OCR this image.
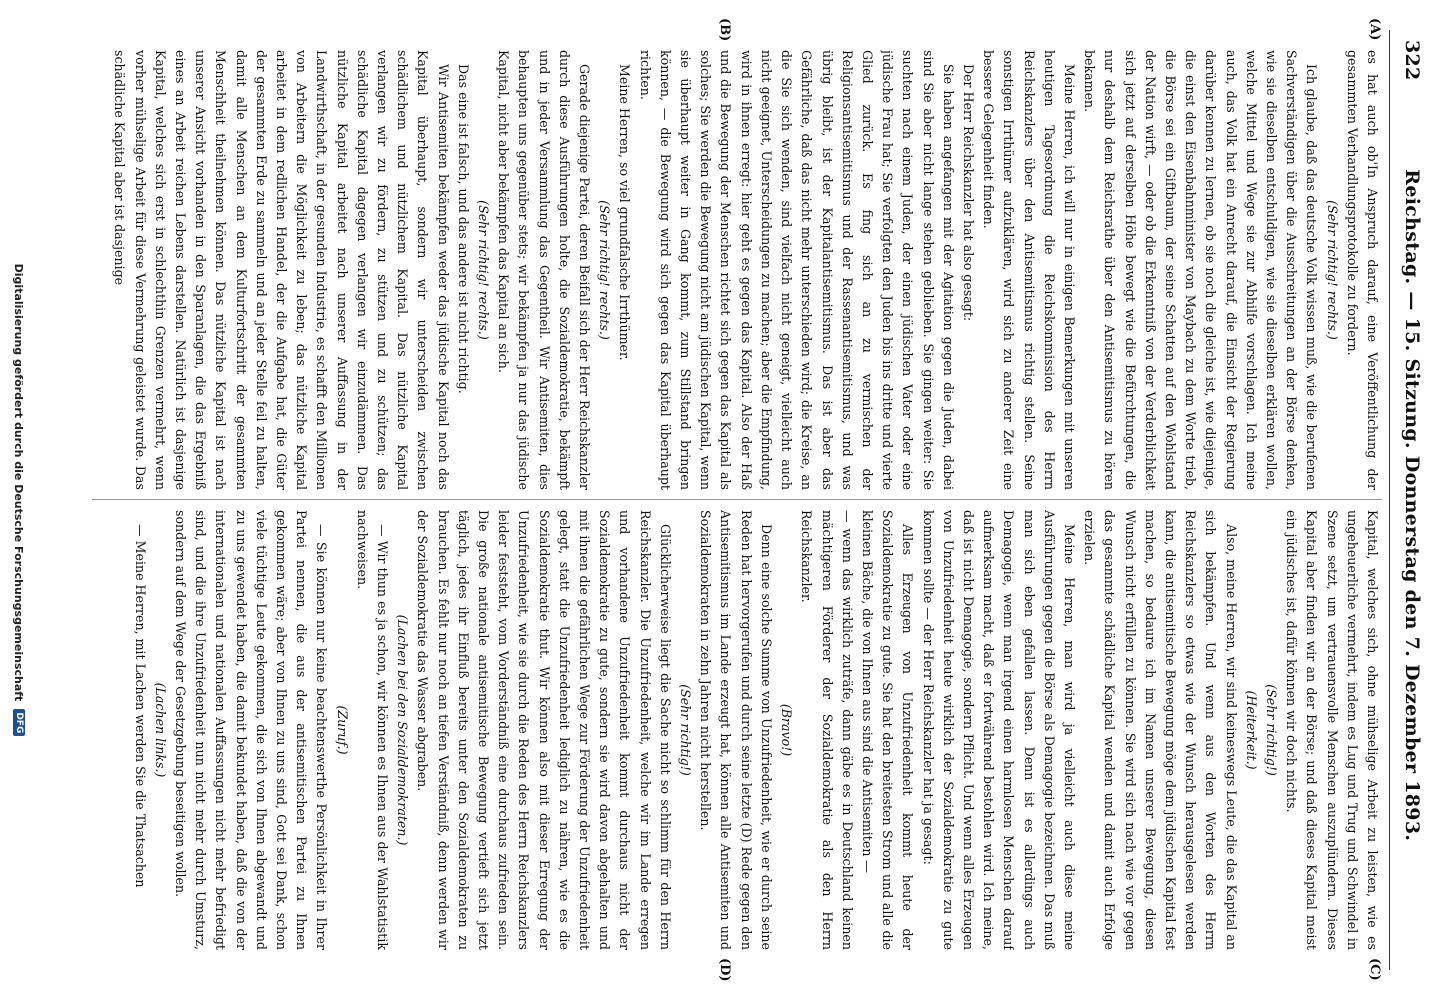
322
Reichstag. — 15. Sitzung. Donnerstag den 7. Dezember 1893.
(A)
(B)
(C)
(D)

es hat auch ob'In Anspruch darauf, eine Veröffentlichung der gesammten Verhandlungsprotokolle zu fordern.

(Sehr richtig! rechts.)

Ich glaube, daß das deutsche Volk wissen muß, wie die berufenen Sachverständigen über die Ausschreitungen an der Börse denken, wie sie dieselben entschuldigen, wie sie dieselben erklären wollen, welche Mittel und Wege sie zur Abhilfe vorschlagen. Ich meine auch, das Volk hat ein Anrecht darauf, die Einsicht der Regierung darüber kennen zu lernen, ob sie noch die gleiche ist, wie diejenige, die einst den Eisenbahnminister von Maybach zu dem Worte trieb, die Börse sei ein Giftbaum, der seine Schatten auf den Wohlstand der Nation wirft, — oder ob die Erkenntniß von der Verderblichkeit sich jetzt auf derselben Höhe bewegt wie die Befürchtungen, die nur deshalb dem Reichsrathe über den Antisemitismus zu hören bekamen.

Meine Herren, ich will nur in einigen Bemerkungen mit unseren heutigen Tagesordnung die Reichskommission des Herrn Reichskanzlers über den Antisemitismus richtig stellen. Seine sonstigen Irrthümer aufzuklären, wird sich zu anderer Zeit eine bessere Gelegenheit finden.

Der Herr Reichskanzler hat also gesagt:

Sie haben angefangen mit der Agitation gegen die Juden, dabei sind Sie aber nicht lange stehen geblieben. Sie gingen weiter: Sie suchten nach einem Juden, der einen jüdischen Vater oder eine jüdische Frau hat; Sie verfolgten den Juden bis ins dritte und vierte Glied zurück. Es fing sich an zu vermischen der Religionsantisemitismus und der Rassenantisemitismus, und was übrig bleibt, ist der Kapitalantisemitismus. Das ist aber das Gefährliche, daß das nicht mehr unterschieden wird; die Kreise, an die Sie sich wenden, sind vielfach nicht geneigt, vielleicht auch nicht geeignet, Unterscheidungen zu machen; aber die Empfindung, wird in ihnen erregt: hier geht es gegen das Kapital. Also der Haß und die Bewegung der Menschen richtet sich gegen das Kapital als solches; Sie werden die Bewegung nicht am jüdischen Kapital, wenn sie überhaupt weiter in Gang kommt, zum Stillstand bringen können, — die Bewegung wird sich gegen das Kapital überhaupt richten.

Meine Herren, so viel grundfalsche Irrthümer.

(Sehr richtig! rechts.)

Gerade diejenige Partei, deren Beifall sich der Herr Reichskanzler durch diese Ausführungen holte, die Sozialdemokratie, bekämpft und in jeder Versammlung das Gegentheil. Wir Antisemiten, dies behaupten uns gegenüber stets; wir bekämpfen ja nur das jüdische Kapital, nicht aber bekämpfen das Kapital an sich.

(Sehr richtig! rechts.)

Das eine ist falsch, und das andere ist nicht richtig.

Wir Antisemiten bekämpfen weder das jüdische Kapital noch das Kapital überhaupt, sondern wir unterscheiden zwischen schädlichem und nützlichem Kapital. Das nützliche Kapital verlangen wir zu fördern, zu stützen und zu schützen; das schädliche Kapital dagegen verlangen wir einzudämmen. Das nützliche Kapital arbeitet nach unserer Auffassung in der Landwirthschaft, in der gesunden Industrie, es schafft den Millionen von Arbeitern die Möglichkeit zu leben; das nützliche Kapital arbeitet in dem redlichen Handel, der die Aufgabe hat, die Güter der gesammten Erde zu sammeln und an jeder Stelle feil zu halten, damit alle Menschen an dem Kulturfortschritt der gesammten Menschheit theilnehmen können. Das nützliche Kapital ist nach unserer Ansicht vorhanden in den Sparanlagen, die das Ergebniß eines an Arbeit reichen Lebens darstellen. Natürlich ist dasjenige Kapital, welches sich erst in schlechthin Grenzen vermehrt, wenn vorher mühselige Arbeit für diese Vermehrung geleistet wurde. Das schädliche Kapital aber ist dasjenige

Kapital, welches sich, ohne mühselige Arbeit zu leisten, wie es ungeheuerliche vermehrt, indem es Lug und Trug und Schwindel in Szene setzt, um vertrauensvolle Menschen auszuplündern. Dieses Kapital aber finden wir an der Börse; und daß dieses Kapital meist ein jüdisches ist, dafür können wir doch nichts.

(Sehr richtig!)

(Heiterkeit.)

Also, meine Herren, wir sind keineswegs Leute, die das Kapital an sich bekämpfen. Und wenn aus den Worten des Herrn Reichskanzlers so etwas wie der Wunsch herausgelesen werden kann, die antisemitische Bewegung möge dem jüdischen Kapital fest machen, so bedaure ich im Namen unserer Bewegung, diesen Wunsch nicht erfüllen zu können. Sie wird sich nach wie vor gegen das gesammte schädliche Kapital wenden und damit auch Erfolge erzielen.

Meine Herren, man wird ja vielleicht auch diese meine Ausführungen gegen die Börse als Demagogie bezeichnen. Das muß man sich eben gefallen lassen. Denn ist es allerdings auch Demagogie, wenn man irgend einen harmlosen Menschen darauf aufmerksam macht, daß er fortwährend bestohlen wird. Ich meine, daß ist nicht Demagogie, sondern Pflicht. Und wenn alles Erzeugen von Unzufriedenheit heute wirklich der Sozialdemokratie zu gute kommen sollte — der Herr Reichskanzler hat ja gesagt:

Alles Erzeugen von Unzufriedenheit kommt heute der Sozialdemokratie zu gute. Sie hat den breitesten Strom und alle die kleinen Bäche, die von Ihnen aus sind die Antisemiten —

— wenn das wirklich zuträfe, dann gäbe es in Deutschland keinen mächtigeren Förderer der Sozialdemokratie als den Herrn Reichskanzler.

(Bravo!)

Denn eine solche Summe von Unzufriedenheit, wie er durch seine Reden hat hervorgerufen und durch seine letzte (D) Rede gegen den Antisemitismus im Lande erzeugt hat, können alle Antisemiten und Sozialdemokraten in zehn Jahren nicht herstellen.

(Sehr richtig!)

Glücklicherweise liegt die Sache nicht so schlimm für den Herrn Reichskanzler. Die Unzufriedenheit, welche wir im Lande erregen und vorhandene Unzufriedenheit kommt durchaus nicht der Sozialdemokratie zu gute, sondern sie wird davon abgehalten und mit ihnen die gefährlichen Wege zur Förderung der Unzufriedenheit gelegt, statt die Unzufriedenheit lediglich zu nähren, wie es die Sozialdemokratie thut. Wir können also mit dieser Erregung der Unzufriedenheit, wie sie durch die Reden des Herrn Reichskanzlers leider feststeht, vom Vorderständniß eine durchaus zufrieden sein. Die große nationale antisemitische Bewegung vertieft sich jetzt täglich, jedes ihr Einfluß bereits unter den Sozialdemokraten zu brauchen. Es fehlt nur noch an tiefen Verständniß, denn werden wir der Sozialdemokratie das Wasser abgraben.

(Lachen bei den Sozialdemokraten.)

— Wir thun es ja schon, wir können es Ihnen aus der Wahlstatistik nachweisen.

(Zuruf.)

— Sie können nur keine beachtenswerthe Persönlichkeit in Ihrer Partei nennen, die aus der antisemitischen Partei zu Ihnen gekommen wäre; aber von Ihnen zu uns sind, Gott sei Dank, schon viele tüchtige Leute gekommen, die sich von Ihnen abgewandt und zu uns gewendet haben, die damit bekundet haben, daß die von der internationalen und nationalen Auffassungen nicht mehr befriedigt sind, und die ihre Unzufriedenheit nun nicht mehr durch Umsturz, sondern auf dem Wege der Gesetzgebung beseitigen wollen.

(Lachen links.)

— Meine Herren, mit Lachen werden Sie die Thatsachen

Digitalisierung gefördert durch die Deutsche Forschungsgemeinschaft
DFG
